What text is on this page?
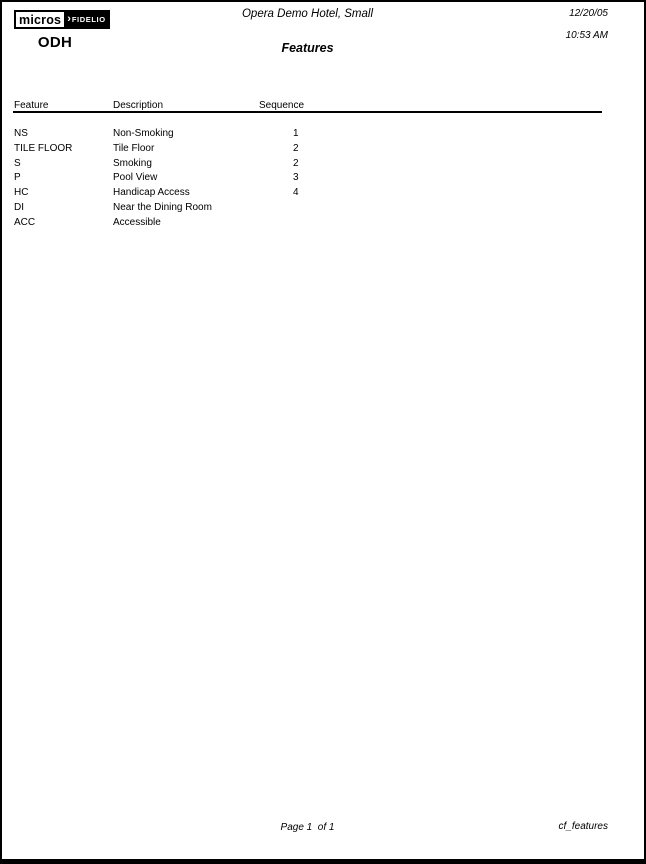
micros › FIDELIO
ODH
Opera Demo Hotel, Small
Features
12/20/05
10:53 AM
Feature	Description	Sequence
NS	Non-Smoking	1
TILE FLOOR	Tile Floor	2
S	Smoking	2
P	Pool View	3
HC	Handicap Access	4
DI	Near the Dining Room
ACC	Accessible
Page 1  of 1	cf_features
